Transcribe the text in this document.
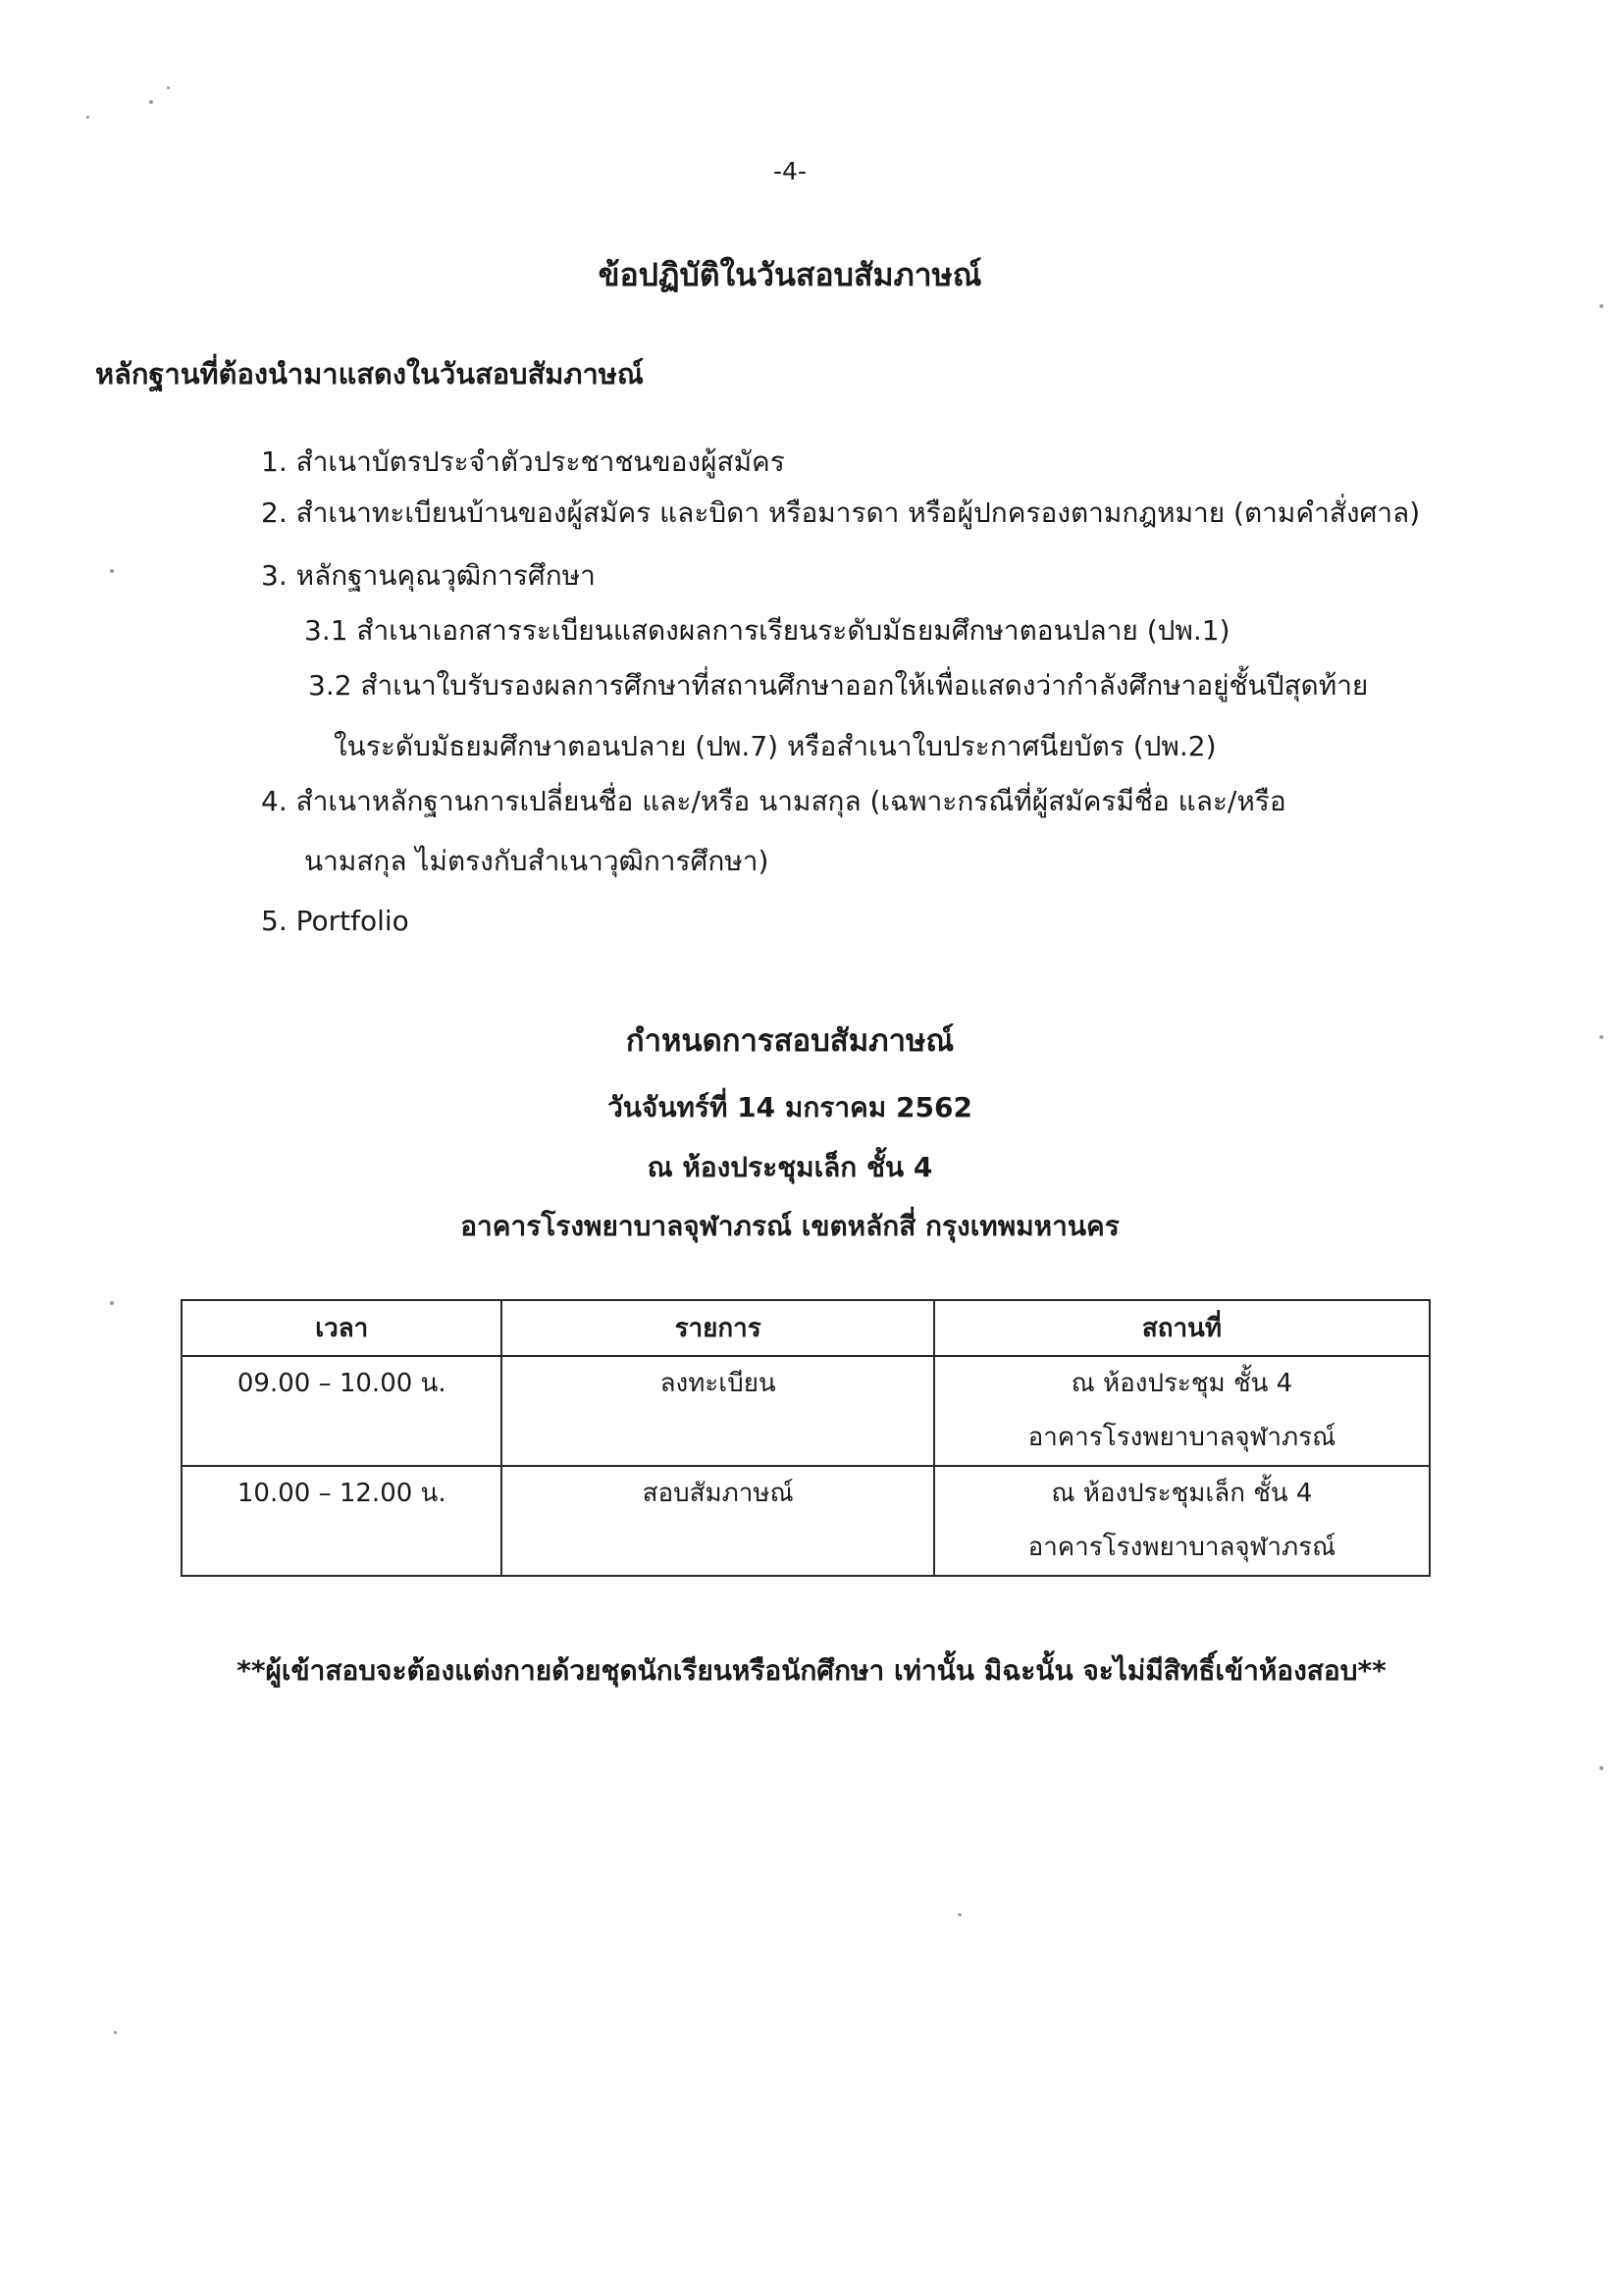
-4-
ข้อปฏิบัติในวันสอบสัมภาษณ์
หลักฐานที่ต้องนำมาแสดงในวันสอบสัมภาษณ์
1. สำเนาบัตรประจำตัวประชาชนของผู้สมัคร
2. สำเนาทะเบียนบ้านของผู้สมัคร และบิดา หรือมารดา หรือผู้ปกครองตามกฎหมาย (ตามคำสั่งศาล)
3. หลักฐานคุณวุฒิการศึกษา
3.1 สำเนาเอกสารระเบียนแสดงผลการเรียนระดับมัธยมศึกษาตอนปลาย (ปพ.1)
3.2 สำเนาใบรับรองผลการศึกษาที่สถานศึกษาออกให้เพื่อแสดงว่ากำลังศึกษาอยู่ชั้นปีสุดท้าย
ในระดับมัธยมศึกษาตอนปลาย (ปพ.7) หรือสำเนาใบประกาศนียบัตร (ปพ.2)
4. สำเนาหลักฐานการเปลี่ยนชื่อ และ/หรือ นามสกุล (เฉพาะกรณีที่ผู้สมัครมีชื่อ และ/หรือ
นามสกุล ไม่ตรงกับสำเนาวุฒิการศึกษา)
5. Portfolio
กำหนดการสอบสัมภาษณ์
วันจันทร์ที่ 14 มกราคม 2562
ณ ห้องประชุมเล็ก ชั้น 4
อาคารโรงพยาบาลจุฬาภรณ์ เขตหลักสี่ กรุงเทพมหานคร
เวลา	รายการ	สถานที่
09.00 – 10.00 น.	ลงทะเบียน	ณ ห้องประชุม ชั้น 4
อาคารโรงพยาบาลจุฬาภรณ์

10.00 – 12.00 น.	สอบสัมภาษณ์	ณ ห้องประชุมเล็ก ชั้น 4
อาคารโรงพยาบาลจุฬาภรณ์
**ผู้เข้าสอบจะต้องแต่งกายด้วยชุดนักเรียนหรือนักศึกษา เท่านั้น มิฉะนั้น จะไม่มีสิทธิ์เข้าห้องสอบ**
